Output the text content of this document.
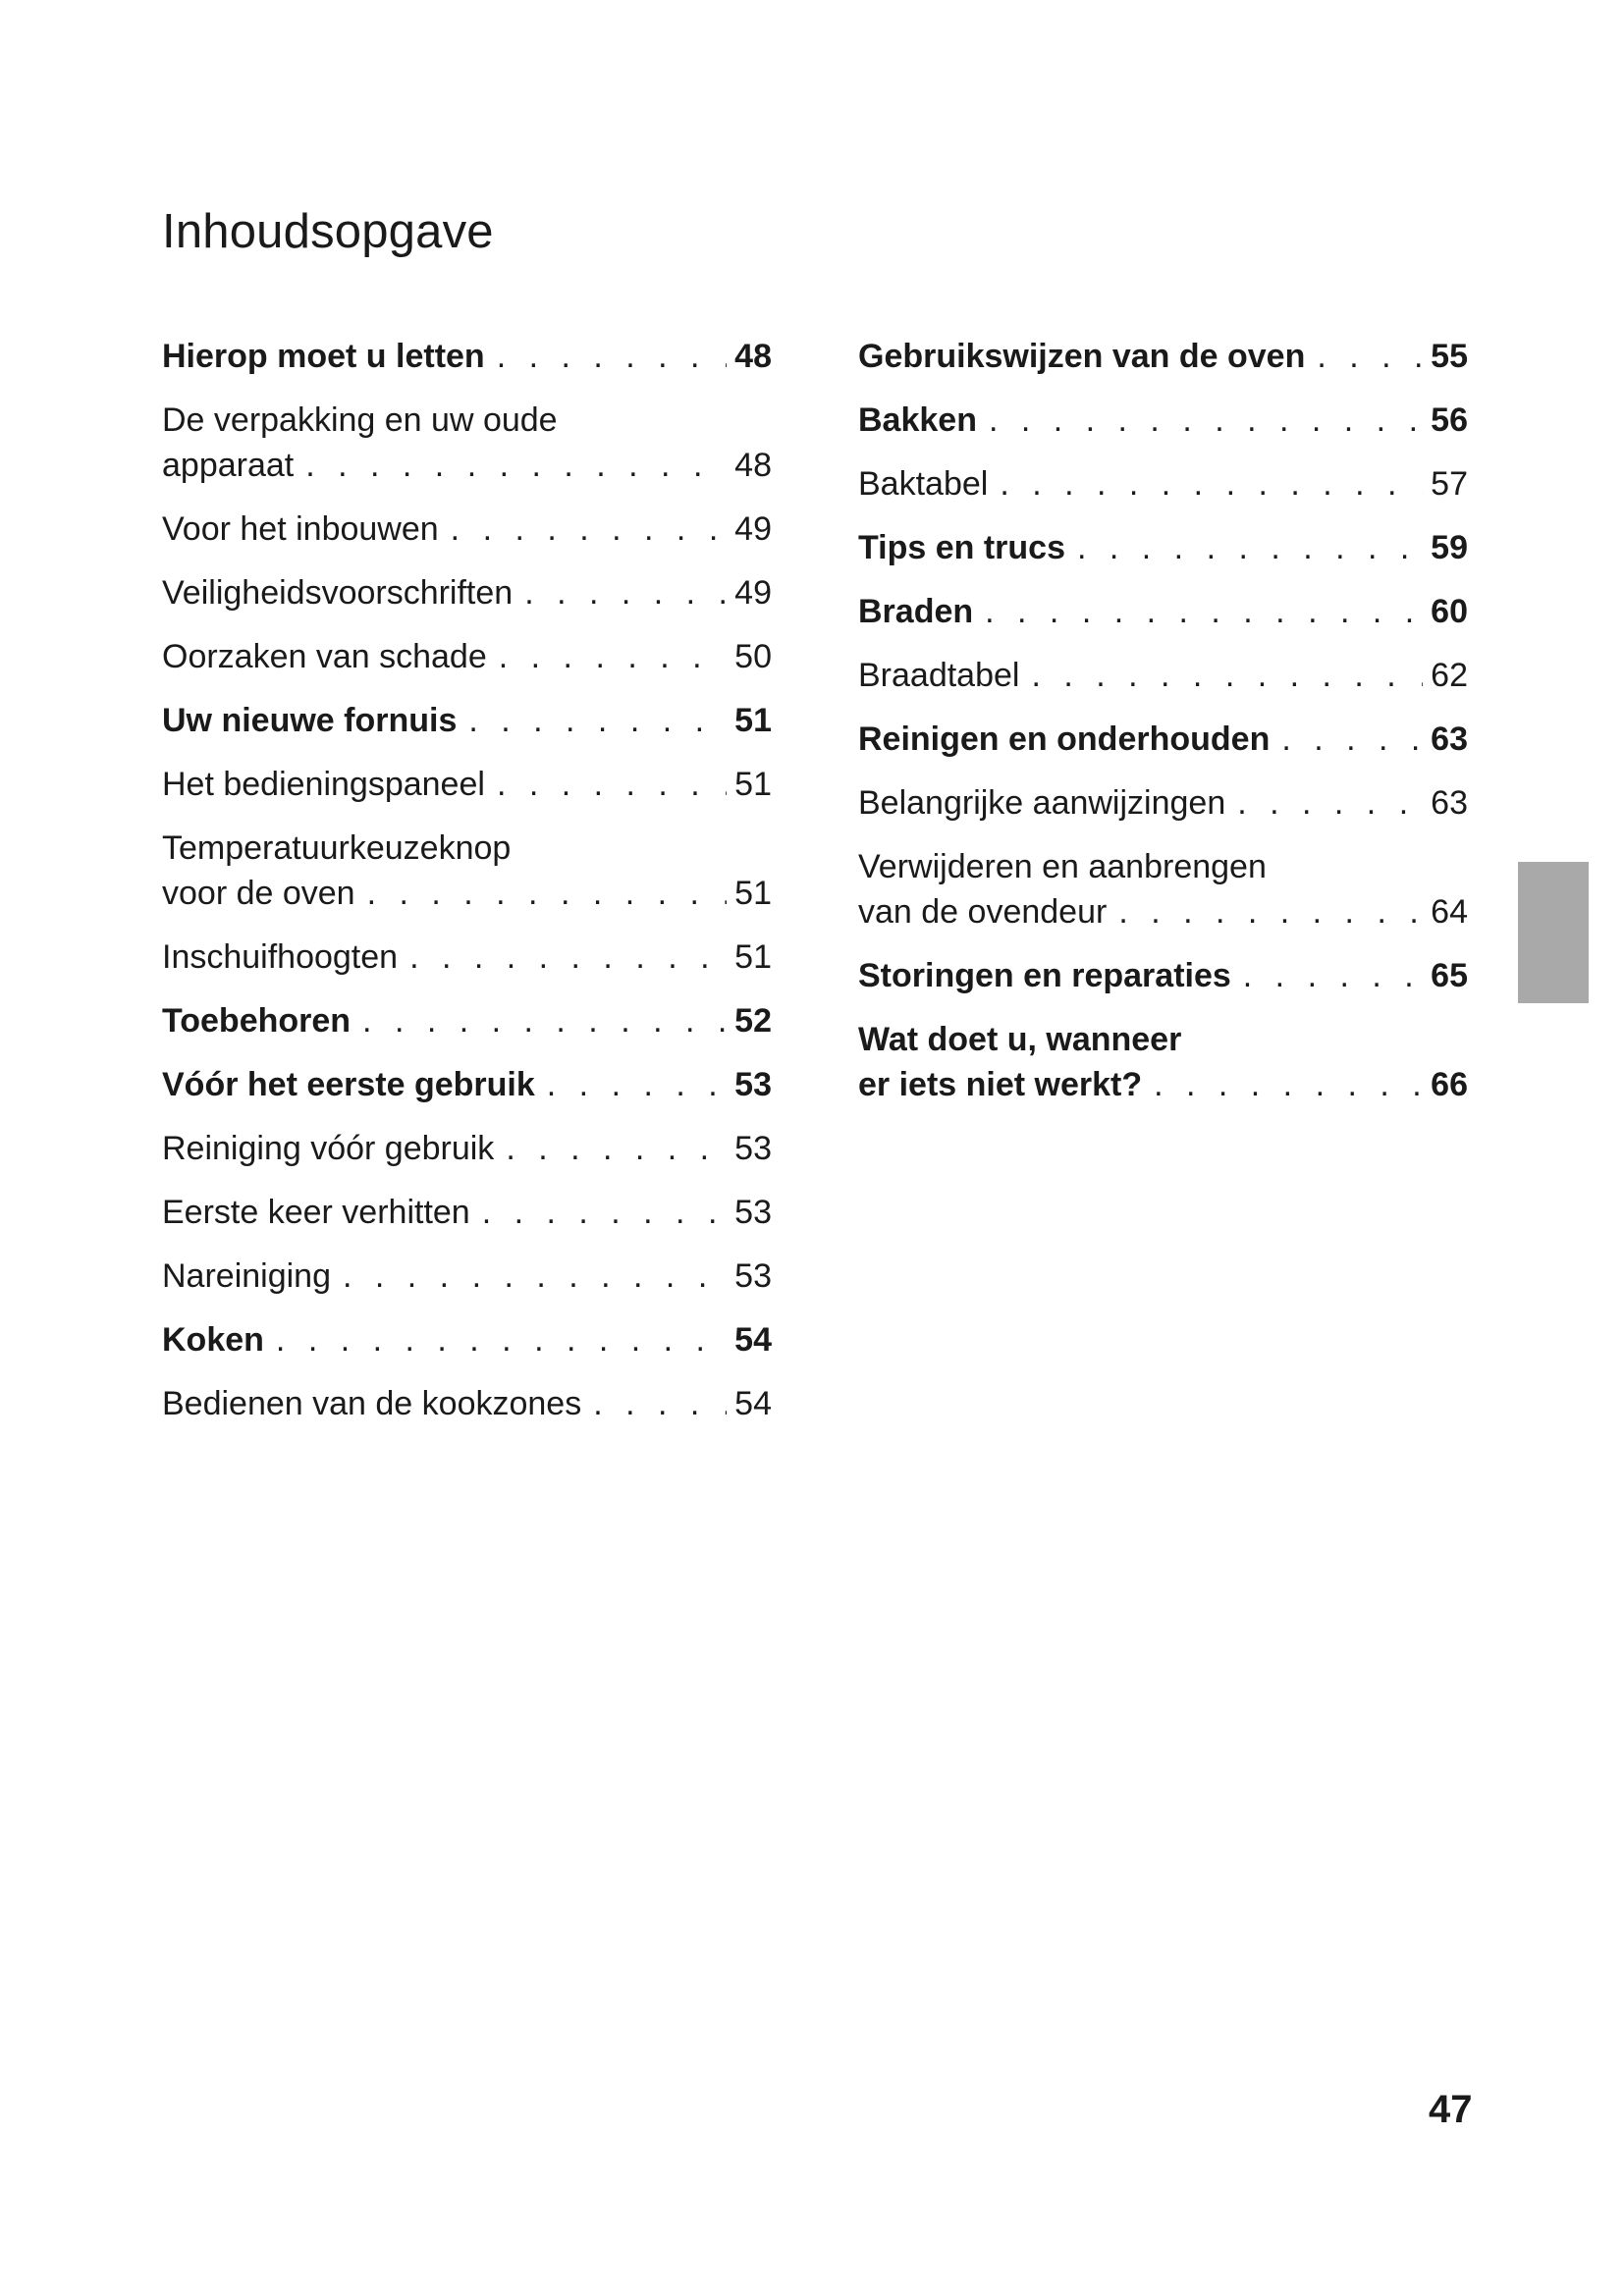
Inhoudsopgave
Hierop moet u letten . . .	48
De verpakking en uw oude
apparaat . . .	48
Voor het inbouwen . . .	49
Veiligheidsvoorschriften . . .	49
Oorzaken van schade . . .	50
Uw nieuwe fornuis . . .	51
Het bedieningspaneel . . .	51
Temperatuurkeuzeknop
voor de oven . . .	51
Inschuifhoogten . . .	51
Toebehoren . . .	52
Vóór het eerste gebruik . . .	53
Reiniging vóór gebruik . . .	53
Eerste keer verhitten . . .	53
Nareiniging . . .	53
Koken . . .	54
Bedienen van de kookzones . . .	54
Gebruikswijzen van de oven . . .	55
Bakken . . .	56
Baktabel . . .	57
Tips en trucs . . .	59
Braden . . .	60
Braadtabel . . .	62
Reinigen en onderhouden . . .	63
Belangrijke aanwijzingen . . .	63
Verwijderen en aanbrengen
van de ovendeur . . .	64
Storingen en reparaties . . .	65
Wat doet u, wanneer
er iets niet werkt? . . .	66
47
